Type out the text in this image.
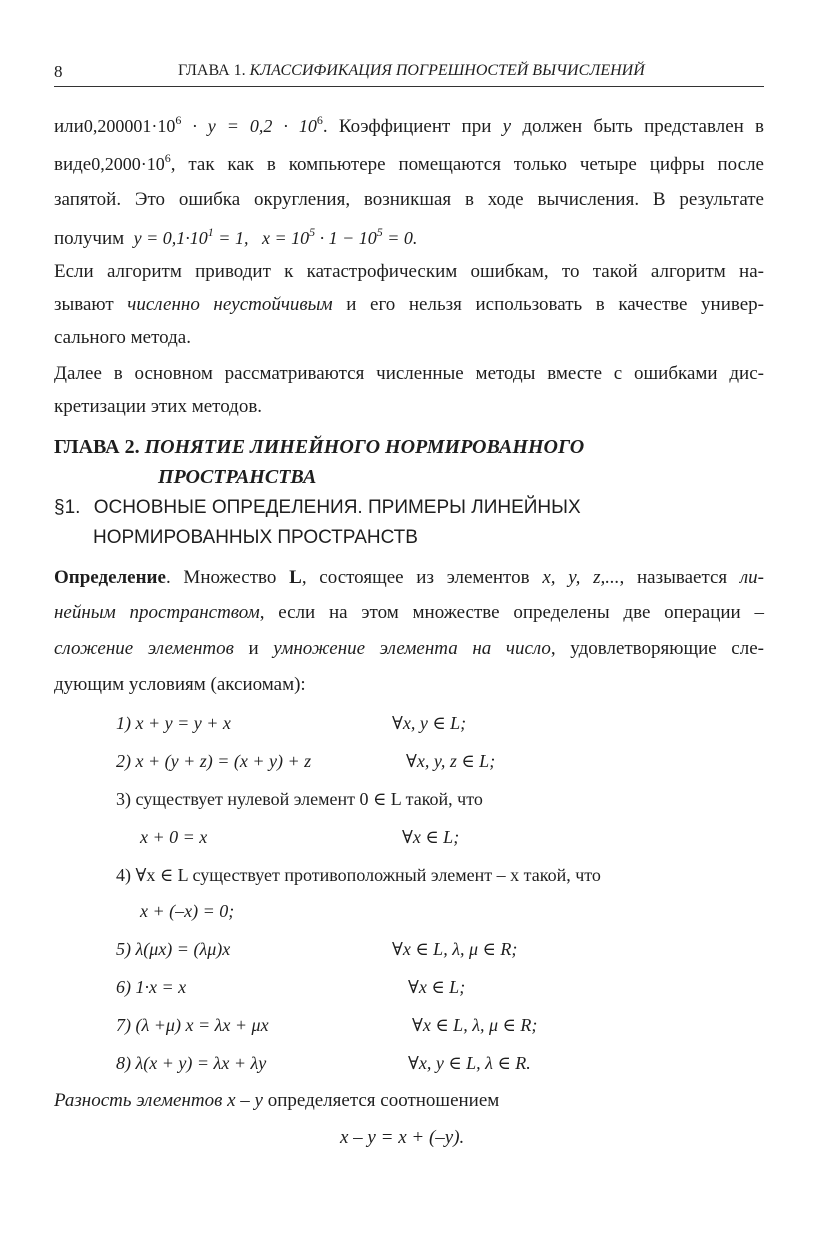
8	ГЛАВА 1. КЛАССИФИКАЦИЯ ПОГРЕШНОСТЕЙ ВЫЧИСЛЕНИЙ
$или0,200001\cdot 10^6 \cdot y = 0,2 \cdot 10^6$. Коэффициент при y должен быть представлен в
$виде0,2000\cdot 10^6$, так как в компьютере помещаются только четыре цифры после
запятой. Это ошибка округления, возникшая в ходе вычисления. В результате
получим $y = 0,1\cdot 10^1 = 1$, $x = 10^5 \cdot 1 - 10^5 = 0$.
Если алгоритм приводит к катастрофическим ошибкам, то такой алгоритм на-
зывают численно неустойчивым и его нельзя использовать в качестве универ-
сального метода.
Далее в основном рассматриваются численные методы вместе с ошибками дис-
кретизации этих методов.
ГЛАВА 2. ПОНЯТИЕ ЛИНЕЙНОГО НОРМИРОВАННОГО
ПРОСТРАНСТВА
§1. ОСНОВНЫЕ ОПРЕДЕЛЕНИЯ. ПРИМЕРЫ ЛИНЕЙНЫХ
НОРМИРОВАННЫХ ПРОСТРАНСТВ
Определение. Множество L, состоящее из элементов x, y, z,..., называется ли-
нейным пространством, если на этом множестве определены две операции –
сложение элементов и умножение элемента на число, удовлетворяющие сле-
дующим условиям (аксиомам):
1) x + y = y + x	∀x, y ∈ L;
2) x + (y + z) = (x + y) + z	∀x, y, z ∈ L;
3) существует нулевой элемент 0 ∈ L такой, что
x + 0 = x	∀x ∈ L;
4) ∀x ∈ L существует противоположный элемент – x такой, что
x + (–x) = 0;
5) λ(μx) = (λμ)x	∀x ∈ L, λ, μ ∈ R;
6) 1·x = x	∀x ∈ L;
7) (λ +μ) x = λx + μx	∀x ∈ L, λ, μ ∈ R;
8) λ(x + y) = λx + λy	∀x, y ∈ L, λ ∈ R.
Разность элементов x – y определяется соотношением
x – y = x + (–y).
